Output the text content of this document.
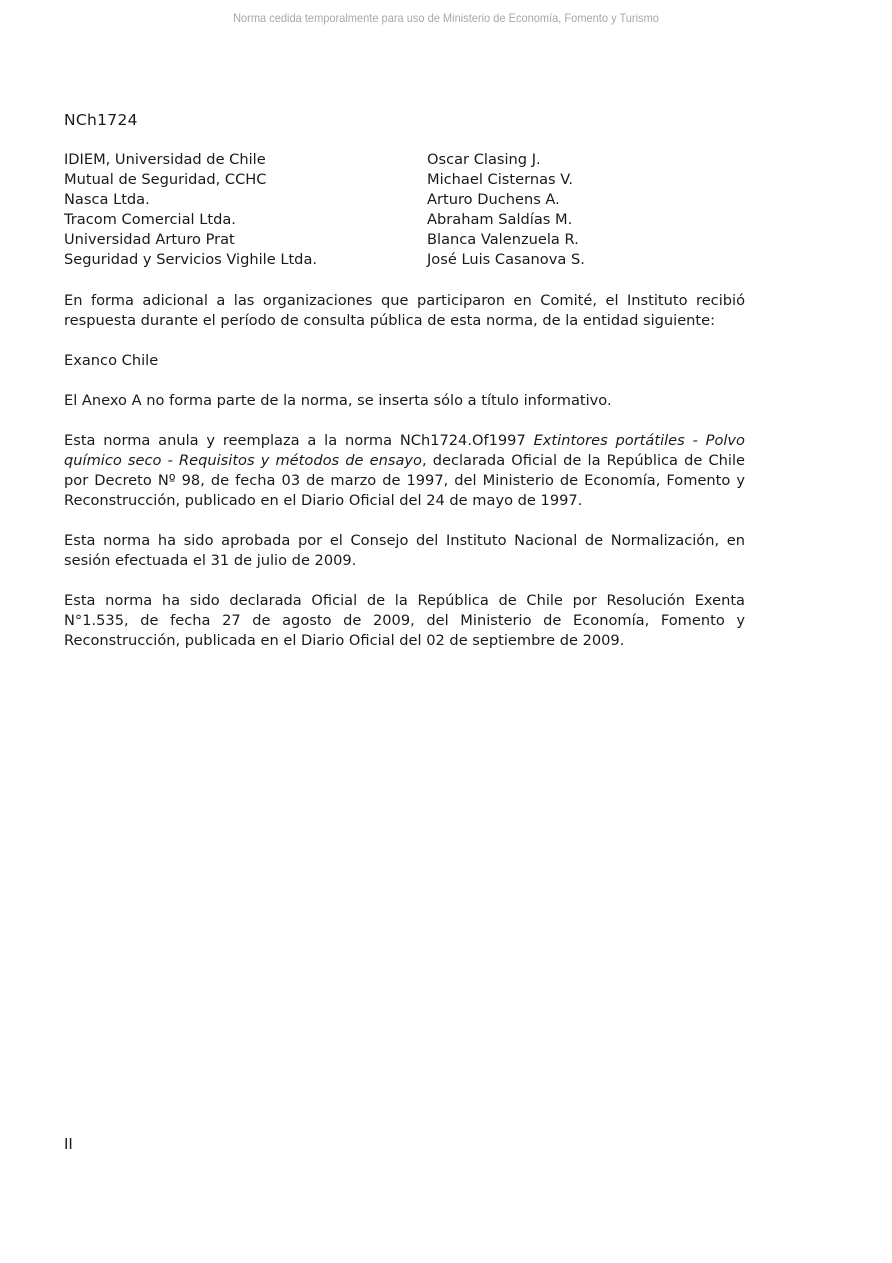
Norma cedida temporalmente para uso de Ministerio de Economía, Fomento y Turismo
NCh1724
IDIEM, Universidad de Chile	Oscar Clasing J.
Mutual de Seguridad, CCHC	Michael Cisternas V.
Nasca Ltda.	Arturo Duchens A.
Tracom Comercial Ltda.	Abraham Saldías M.
Universidad Arturo Prat	Blanca Valenzuela R.
Seguridad y Servicios Vighile Ltda.	José Luis Casanova S.

En forma adicional a las organizaciones que participaron en Comité, el Instituto recibió respuesta durante el período de consulta pública de esta norma, de la entidad siguiente:

Exanco Chile

El Anexo A no forma parte de la norma, se inserta sólo a título informativo.

Esta norma anula y reemplaza a la norma NCh1724.Of1997 Extintores portátiles - Polvo químico seco - Requisitos y métodos de ensayo, declarada Oficial de la República de Chile por Decreto Nº 98, de fecha 03 de marzo de 1997, del Ministerio de Economía, Fomento y Reconstrucción, publicado en el Diario Oficial del 24 de mayo de 1997.

Esta norma ha sido aprobada por el Consejo del Instituto Nacional de Normalización, en sesión efectuada el 31 de julio de 2009.

Esta norma ha sido declarada Oficial de la República de Chile por Resolución Exenta N°1.535, de fecha 27 de agosto de 2009, del Ministerio de Economía, Fomento y Reconstrucción, publicada en el Diario Oficial del 02 de septiembre de 2009.

II
